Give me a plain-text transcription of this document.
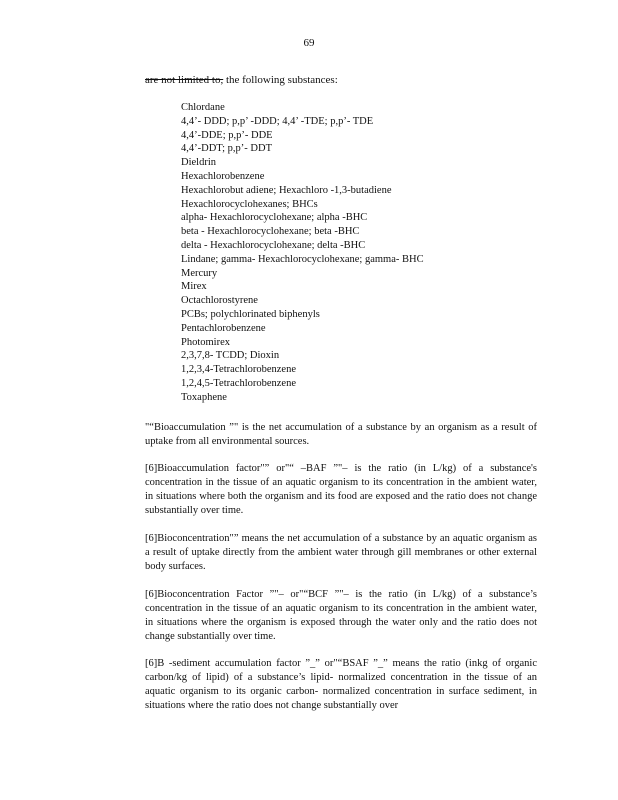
69
are not limited to, the following substances:
Chlordane
4,4’- DDD; p,p’ -DDD; 4,4’ -TDE; p,p’- TDE
4,4’-DDE; p,p’- DDE
4,4’-DDT; p,p’- DDT
Dieldrin
Hexachlorobenzene
Hexachlorobut adiene; Hexachloro -1,3-butadiene
Hexachlorocyclohexanes; BHCs
alpha- Hexachlorocyclohexane; alpha -BHC
beta - Hexachlorocyclohexane; beta -BHC
delta - Hexachlorocyclohexane; delta -BHC
Lindane; gamma- Hexachlorocyclohexane; gamma- BHC
Mercury
Mirex
Octachlorostyrene
PCBs; polychlorinated biphenyls
Pentachlorobenzene
Photomirex
2,3,7,8- TCDD; Dioxin
1,2,3,4-Tetrachlorobenzene
1,2,4,5-Tetrachlorobenzene
Toxaphene

"“Bioaccumulation ”" is the net accumulation of a substance by an organism as a result of uptake from all environmental sources.

[6]Bioaccumulation factor"” or"“ –BAF ”"– is the ratio (in L/kg) of a substance's concentration in the tissue of an aquatic organism to its concentration in the ambient water, in situations where both the organism and its food are exposed and the ratio does not change substantially over time.

[6]Bioconcentration"” means the net accumulation of a substance by an aquatic organism as a result of uptake directly from the ambient water through gill membranes or other external body surfaces.

[6]Bioconcentration Factor ”"– or"“BCF ”"– is the ratio (in L/kg) of a substance’s concentration in the tissue of an aquatic organism to its concentration in the ambient water, in situations where the organism is exposed through the water only and the ratio does not change substantially over time.

[6]B -sediment accumulation factor ”_” or"“BSAF ”_” means the ratio (inkg of organic carbon/kg of lipid) of a substance’s lipid- normalized concentration in the tissue of an aquatic organism to its organic carbon- normalized concentration in surface sediment, in situations where the ratio does not change substantially over
